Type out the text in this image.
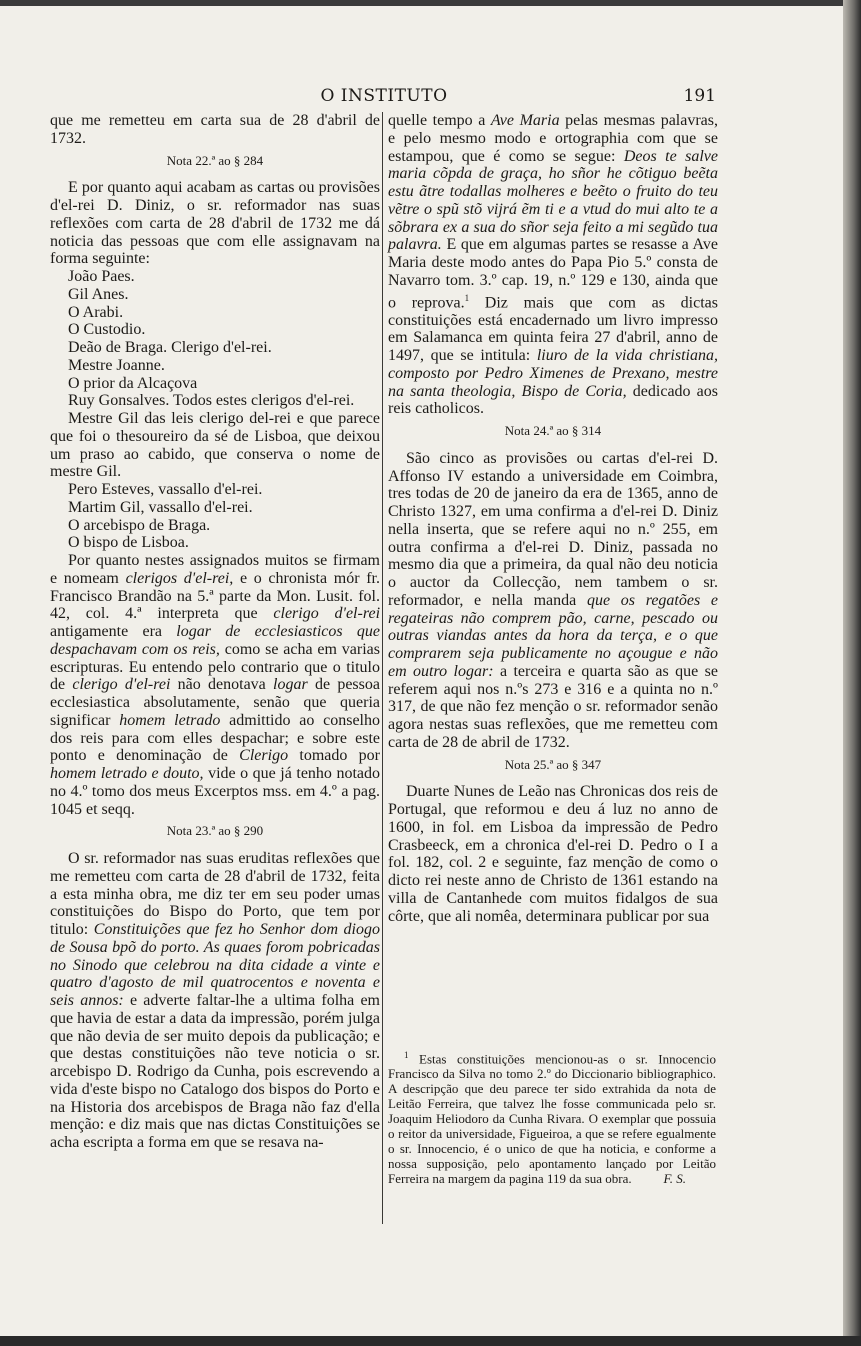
O INSTITUTO	191

que me remetteu em carta sua de 28 d'abril de 1732.

Nota 22.ª ao § 284

E por quanto aqui acabam as cartas ou provisões d'el-rei D. Diniz, o sr. reformador nas suas reflexões com carta de 28 d'abril de 1732 me dá noticia das pessoas que com elle assignavam na forma seguinte:

João Paes.
Gil Anes.
O Arabi.
O Custodio.
Deão de Braga. Clerigo d'el-rei.
Mestre Joanne.
O prior da Alcaçova
Ruy Gonsalves. Todos estes clerigos d'el-rei.

Mestre Gil das leis clerigo del-rei e que parece que foi o thesoureiro da sé de Lisboa, que deixou um praso ao cabido, que conserva o nome de mestre Gil.

Pero Esteves, vassallo d'el-rei.
Martim Gil, vassallo d'el-rei.
O arcebispo de Braga.
O bispo de Lisboa.

Por quanto nestes assignados muitos se firmam e nomeam clerigos d'el-rei, e o chronista mór fr. Francisco Brandão na 5.ª parte da Mon. Lusit. fol. 42, col. 4.ª interpreta que clerigo d'el-rei antigamente era logar de ecclesiasticos que despachavam com os reis, como se acha em varias escripturas. Eu entendo pelo contrario que o titulo de clerigo d'el-rei não denotava logar de pessoa ecclesiastica absolutamente, senão que queria significar homem letrado admittido ao conselho dos reis para com elles despachar; e sobre este ponto e denominação de Clerigo tomado por homem letrado e douto, vide o que já tenho notado no 4.º tomo dos meus Excerptos mss. em 4.º a pag. 1045 et seqq.

Nota 23.ª ao § 290

O sr. reformador nas suas eruditas reflexões que me remetteu com carta de 28 d'abril de 1732, feita a esta minha obra, me diz ter em seu poder umas constituições do Bispo do Porto, que tem por titulo: Constituições que fez ho Senhor dom diogo de Sousa bpõ do porto. As quaes forom pobricadas no Sinodo que celebrou na dita cidade a vinte e quatro d'agosto de mil quatrocentos e noventa e seis annos: e adverte faltar-lhe a ultima folha em que havia de estar a data da impressão, porém julga que não devia de ser muito depois da publicação; e que destas constituições não teve noticia o sr. arcebispo D. Rodrigo da Cunha, pois escrevendo a vida d'este bispo no Catalogo dos bispos do Porto e na Historia dos arcebispos de Braga não faz d'ella menção: e diz mais que nas dictas Constituições se acha escripta a forma em que se resava na-

quelle tempo a Ave Maria pelas mesmas palavras, e pelo mesmo modo e ortographia com que se estampou, que é como se segue: Deos te salve maria cõpda de graça, ho sñor he cõtiguo beẽta estu ãtre todallas molheres e beẽto o fruito do teu vẽtre o spũ stõ vijrá ẽm ti e a vtud do mui alto te a sõbrara ex a sua do sñor seja feito a mi segũdo tua palavra. E que em algumas partes se resasse a Ave Maria deste modo antes do Papa Pio 5.º consta de Navarro tom. 3.º cap. 19, n.º 129 e 130, ainda que o reprova.$^1$ Diz mais que com as dictas constituições está encadernado um livro impresso em Salamanca em quinta feira 27 d'abril, anno de 1497, que se intitula: liuro de la vida christiana, composto por Pedro Ximenes de Prexano, mestre na santa theologia, Bispo de Coria, dedicado aos reis catholicos.

Nota 24.ª ao § 314

São cinco as provisões ou cartas d'el-rei D. Affonso IV estando a universidade em Coimbra, tres todas de 20 de janeiro da era de 1365, anno de Christo 1327, em uma confirma a d'el-rei D. Diniz nella inserta, que se refere aqui no n.º 255, em outra confirma a d'el-rei D. Diniz, passada no mesmo dia que a primeira, da qual não deu noticia o auctor da Collecção, nem tambem o sr. reformador, e nella manda que os regatões e regateiras não comprem pão, carne, pescado ou outras viandas antes da hora da terça, e o que comprarem seja publicamente no açougue e não em outro logar: a terceira e quarta são as que se referem aqui nos n.ºs 273 e 316 e a quinta no n.º 317, de que não fez menção o sr. reformador senão agora nestas suas reflexões, que me remetteu com carta de 28 de abril de 1732.

Nota 25.ª ao § 347

Duarte Nunes de Leão nas Chronicas dos reis de Portugal, que reformou e deu á luz no anno de 1600, in fol. em Lisboa da impressão de Pedro Crasbeeck, em a chronica d'el-rei D. Pedro o I a fol. 182, col. 2 e seguinte, faz menção de como o dicto rei neste anno de Christo de 1361 estando na villa de Cantanhede com muitos fidalgos de sua côrte, que ali nomêa, determinara publicar por sua

$^1$ Estas constituições mencionou-as o sr. Innocencio Francisco da Silva no tomo 2.º do Diccionario bibliographico. A descripção que deu parece ter sido extrahida da nota de Leitão Ferreira, que talvez lhe fosse communicada pelo sr. Joaquim Heliodoro da Cunha Rivara. O exemplar que possuia o reitor da universidade, Figueiroa, a que se refere egualmente o sr. Innocencio, é o unico de que ha noticia, e conforme a nossa supposição, pelo apontamento lançado por Leitão Ferreira na margem da pagina 119 da sua obra.	F. S.
